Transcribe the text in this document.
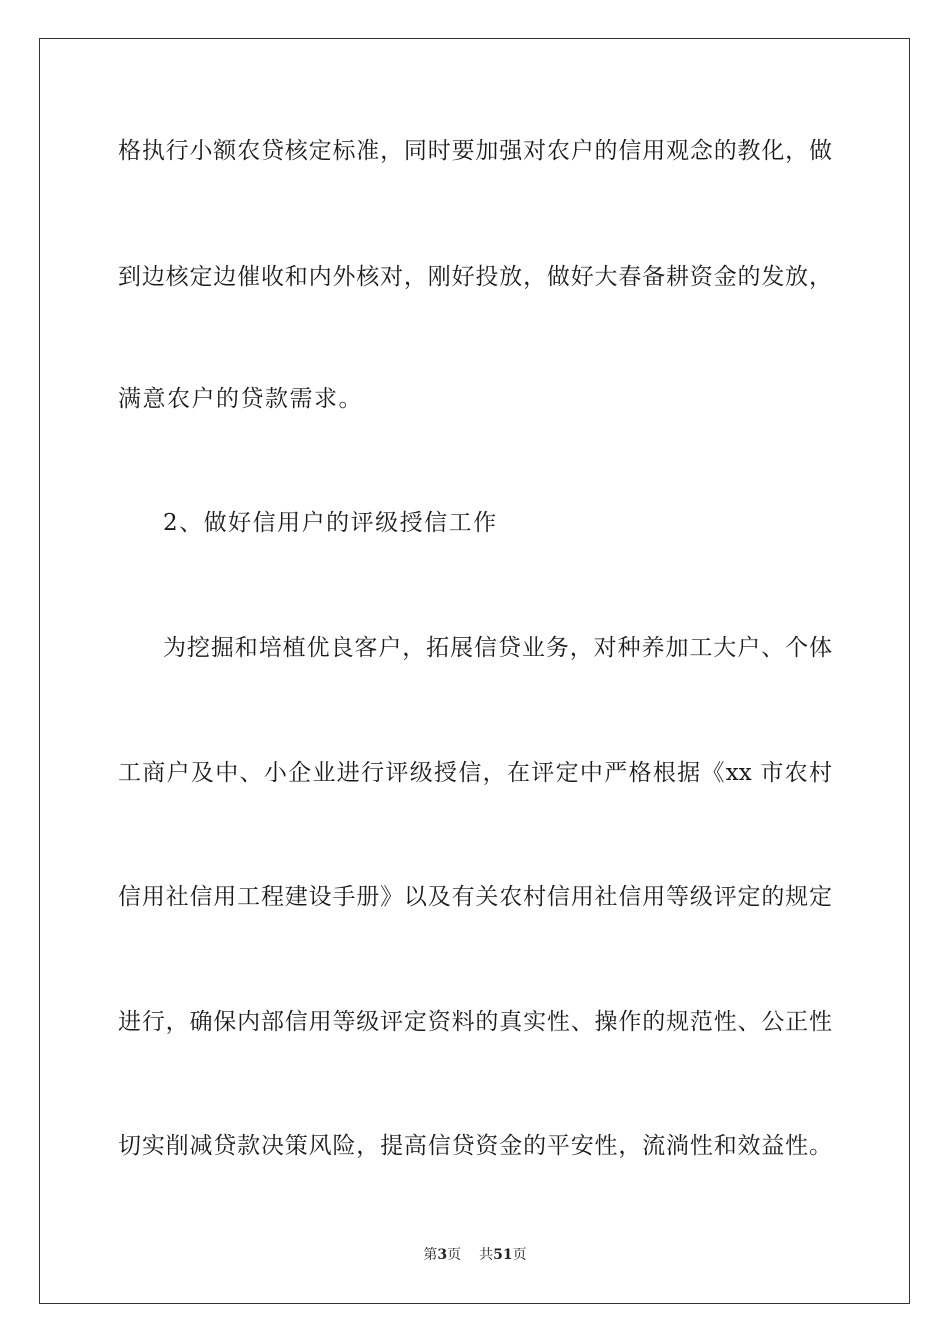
格执行小额农贷核定标准，同时要加强对农户的信用观念的教化，做
到边核定边催收和内外核对，刚好投放，做好大春备耕资金的发放，
满意农户的贷款需求。
2、做好信用户的评级授信工作
为挖掘和培植优良客户，拓展信贷业务，对种养加工大户、个体
工商户及中、小企业进行评级授信，在评定中严格根据《xx 市农村
信用社信用工程建设手册》以及有关农村信用社信用等级评定的规定
进行，确保内部信用等级评定资料的真实性、操作的规范性、公正性
切实削减贷款决策风险，提高信贷资金的平安性，流淌性和效益性。
第3页 共51页
